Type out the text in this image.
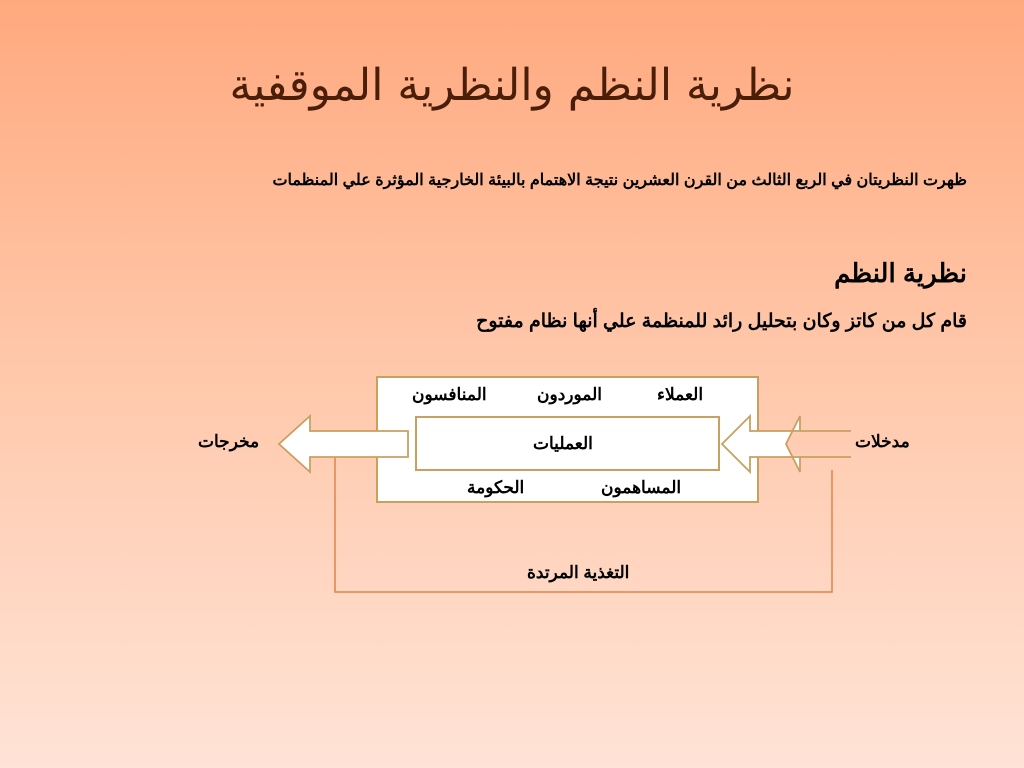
نظرية النظم والنظرية الموقفية
ظهرت النظريتان في الربع الثالث من القرن العشرين نتيجة الاهتمام بالبيئة الخارجية المؤثرة علي المنظمات
نظرية النظم
قام كل من كاتز وكان بتحليل رائد للمنظمة علي أنها نظام مفتوح
العملاء
الموردون
المنافسون
العمليات
المساهمون
الحكومة
مدخلات
مخرجات
التغذية المرتدة
